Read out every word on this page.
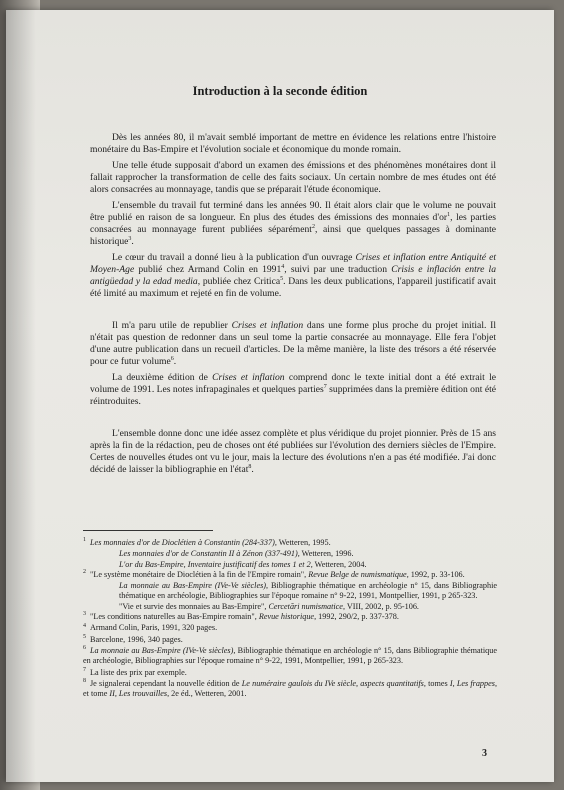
Introduction à la seconde édition

Dès les années 80, il m'avait semblé important de mettre en évidence les relations entre l'histoire monétaire du Bas-Empire et l'évolution sociale et économique du monde romain.

Une telle étude supposait d'abord un examen des émissions et des phénomènes monétaires dont il fallait rapprocher la transformation de celle des faits sociaux. Un certain nombre de mes études ont été alors consacrées au monnayage, tandis que se préparait l'étude économique.

L'ensemble du travail fut terminé dans les années 90. Il était alors clair que le volume ne pouvait être publié en raison de sa longueur. En plus des études des émissions des monnaies $d'or^1$, les parties consacrées au monnayage furent publiées séparément$^2$, ainsi que quelques passages à dominante historique$^3$.

Le cœur du travail a donné lieu à la publication d'un ouvrage Crises et inflation entre Antiquité et Moyen-Age publié chez Armand Colin en 1991$^4$, suivi par une traduction Crisis e inflación entre la antigüedad y la edad media, publiée chez Critica$^5$. Dans les deux publications, l'appareil justificatif avait été limité au maximum et rejeté en fin de volume.

Il m'a paru utile de republier Crises et inflation dans une forme plus proche du projet initial. Il n'était pas question de redonner dans un seul tome la partie consacrée au monnayage. Elle fera l'objet d'une autre publication dans un recueil d'articles. De la même manière, la liste des trésors a été réservée pour ce futur volume$^6$.

La deuxième édition de Crises et inflation comprend donc le texte initial dont a été extrait le volume de 1991. Les notes infrapaginales et quelques parties$^7$ supprimées dans la première édition ont été réintroduites.

L'ensemble donne donc une idée assez complète et plus véridique du projet pionnier. Près de 15 ans après la fin de la rédaction, peu de choses ont été publiées sur l'évolution des derniers siècles de l'Empire. Certes de nouvelles études ont vu le jour, mais la lecture des évolutions n'en a pas été modifiée. J'ai donc décidé de laisser la bibliographie en l'état$^8$.

$^1$ Les monnaies d'or de Dioclétien à Constantin (284-337), Wetteren, 1995.
Les monnaies d'or de Constantin II à Zénon (337-491), Wetteren, 1996.
L'or du Bas-Empire, Inventaire justificatif des tomes 1 et 2, Wetteren, 2004.
$^2$ "Le système monétaire de Dioclétien à la fin de l'Empire romain", Revue Belge de numismatique, 1992, p. 33-106.
La monnaie au Bas-Empire (IVe-Ve siècles), Bibliographie thématique en archéologie n° 15, dans Bibliographie thématique en archéologie, Bibliographies sur l'époque romaine n° 9-22, 1991, Montpellier, 1991, p 265-323.
"Vie et survie des monnaies au Bas-Empire", Cercetări numismatice, VIII, 2002, p. 95-106.
$^3$ "Les conditions naturelles au Bas-Empire romain", Revue historique, 1992, 290/2, p. 337-378.
$^4$ Armand Colin, Paris, 1991, 320 pages.
$^5$ Barcelone, 1996, 340 pages.
$^6$ La monnaie au Bas-Empire (IVe-Ve siècles), Bibliographie thématique en archéologie n° 15, dans Bibliographie thématique en archéologie, Bibliographies sur l'époque romaine n° 9-22, 1991, Montpellier, 1991, p 265-323.
$^7$ La liste des prix par exemple.
$^8$ Je signalerai cependant la nouvelle édition de Le numéraire gaulois du IVe siècle, aspects quantitatifs, tomes I, Les frappes, et tome II, Les trouvailles, 2e éd., Wetteren, 2001.
3
